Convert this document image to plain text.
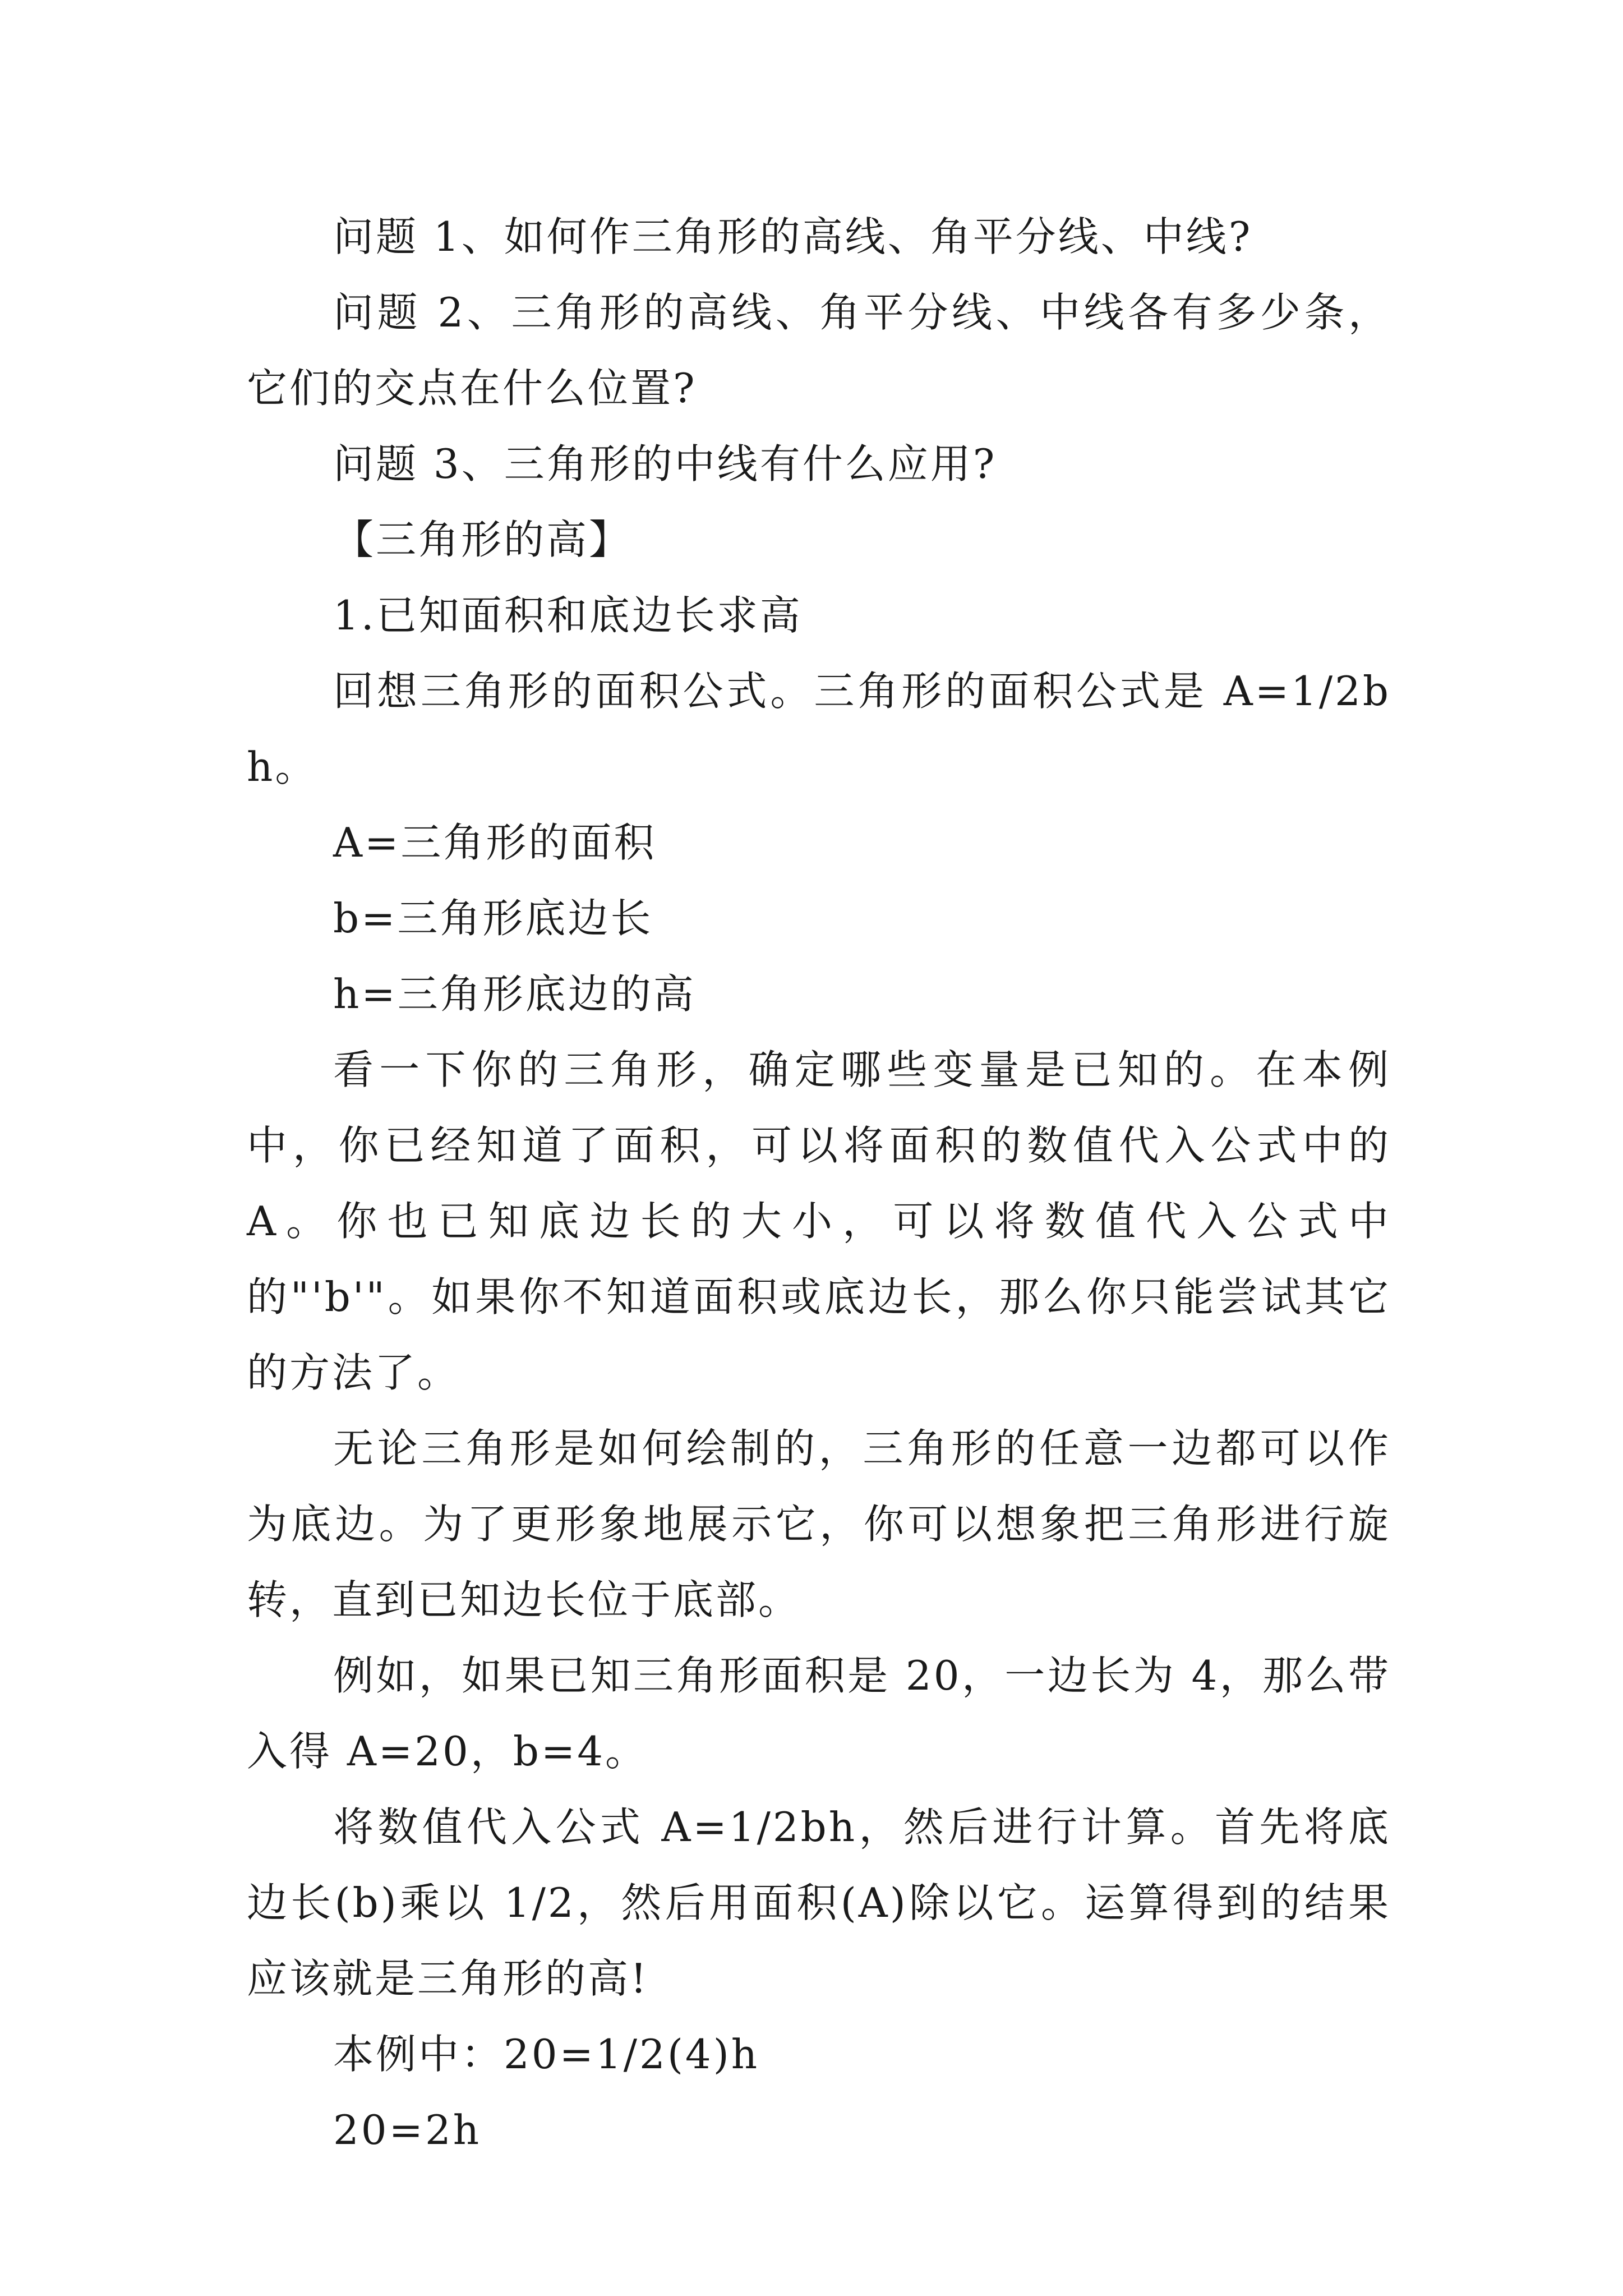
问题 1、如何作三角形的高线、角平分线、中线?

问题 2、三角形的高线、角平分线、中线各有多少条，它们的交点在什么位置?

问题 3、三角形的中线有什么应用?

【三角形的高】

1.已知面积和底边长求高

回想三角形的面积公式。三角形的面积公式是 A=1/2bh。

A=三角形的面积

b=三角形底边长

h=三角形底边的高

看一下你的三角形，确定哪些变量是已知的。在本例中，你已经知道了面积，可以将面积的数值代入公式中的 A。你也已知底边长的大小，可以将数值代入公式中的"'b'"。如果你不知道面积或底边长，那么你只能尝试其它的方法了。

无论三角形是如何绘制的，三角形的任意一边都可以作为底边。为了更形象地展示它，你可以想象把三角形进行旋转，直到已知边长位于底部。

例如，如果已知三角形面积是 20，一边长为 4，那么带入得 A=20，b=4。

将数值代入公式 A=1/2bh，然后进行计算。首先将底边长(b)乘以 1/2，然后用面积(A)除以它。运算得到的结果应该就是三角形的高!

本例中：20=1/2(4)h

20=2h
